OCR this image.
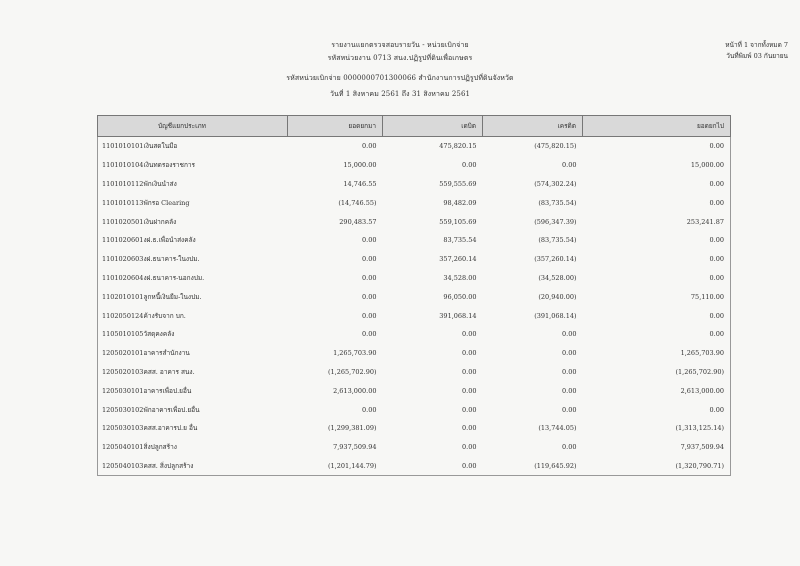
รายงานแยกตรวจสอบรายวัน - หน่วยเบิกจ่าย
รหัสหน่วยงาน 0713 สนง.ปฏิรูปที่ดินเพื่อเกษตร
รหัสหน่วยเบิกจ่าย 0000000701300066 สำนักงานการปฏิรูปที่ดินจังหวัด
วันที่ 1 สิงหาคม 2561 ถึง 31 สิงหาคม 2561
หน้าที่ 1 จากทั้งหมด 7
วันที่พิมพ์ 03 กันยายน
บัญชีแยกประเภท		ยอดยกมา	เดบิต	เครดิต	ยอดยกไป
1101010101	เงินสดในมือ	0.00	475,820.15	(475,820.15)	0.00
1101010104	เงินทดรองราชการ	15,000.00	0.00	0.00	15,000.00
1101010112	พักเงินนำส่ง	14,746.55	559,555.69	(574,302.24)	0.00
1101010113	พักรอ Clearing	(14,746.55)	98,482.09	(83,735.54)	0.00
1101020501	เงินฝากคลัง	290,483.57	559,105.69	(596,347.39)	253,241.87
1101020601	งฝ.ธ.เพื่อนำส่งคลัง	0.00	83,735.54	(83,735.54)	0.00
1101020603	งฝ.ธนาคาร-ในงปม.	0.00	357,260.14	(357,260.14)	0.00
1101020604	งฝ.ธนาคาร-นอกงปม.	0.00	34,528.00	(34,528.00)	0.00
1102010101	ลูกหนี้เงินยืม-ในงปม.	0.00	96,050.00	(20,940.00)	75,110.00
1102050124	ค้างรับจาก บก.	0.00	391,068.14	(391,068.14)	0.00
1105010105	วัสดุคงคลัง	0.00	0.00	0.00	0.00
1205020101	อาคารสำนักงาน	1,265,703.90	0.00	0.00	1,265,703.90
1205020103	คสส. อาคาร สนง.	(1,265,702.90)	0.00	0.00	(1,265,702.90)
1205030101	อาคารเพื่อป.ยอื่น	2,613,000.00	0.00	0.00	2,613,000.00
1205030102	พักอาคารเพื่อป.ยอื่น	0.00	0.00	0.00	0.00
1205030103	คสส.อาคารป.ย อื่น	(1,299,381.09)	0.00	(13,744.05)	(1,313,125.14)
1205040101	สิ่งปลูกสร้าง	7,937,509.94	0.00	0.00	7,937,509.94
1205040103	คสส. สิ่งปลูกสร้าง	(1,201,144.79)	0.00	(119,645.92)	(1,320,790.71)
